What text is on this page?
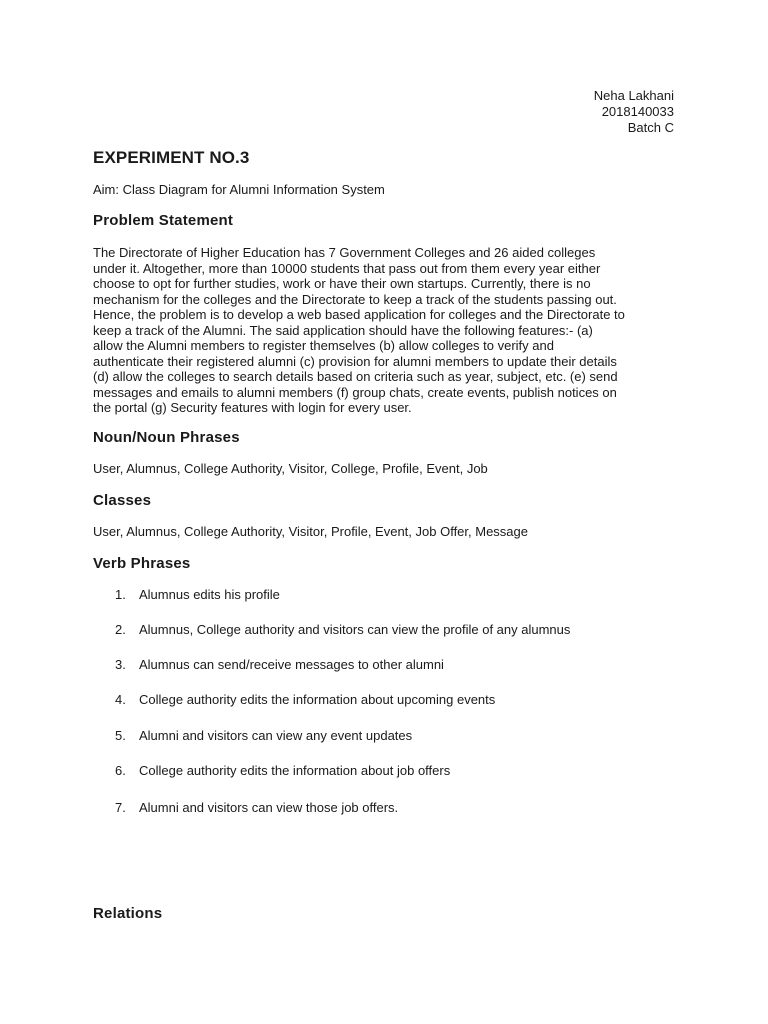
Neha Lakhani
2018140033
Batch C
EXPERIMENT NO.3
Aim: Class Diagram for Alumni Information System
Problem Statement
The Directorate of Higher Education has 7 Government Colleges and 26 aided colleges
under it. Altogether, more than 10000 students that pass out from them every year either
choose to opt for further studies, work or have their own startups. Currently, there is no
mechanism for the colleges and the Directorate to keep a track of the students passing out.
Hence, the problem is to develop a web based application for colleges and the Directorate to
keep a track of the Alumni. The said application should have the following features:- (a)
allow the Alumni members to register themselves (b) allow colleges to verify and
authenticate their registered alumni (c) provision for alumni members to update their details
(d) allow the colleges to search details based on criteria such as year, subject, etc. (e) send
messages and emails to alumni members (f) group chats, create events, publish notices on
the portal (g) Security features with login for every user.
Noun/Noun Phrases
User, Alumnus, College Authority, Visitor, College, Profile, Event, Job
Classes
User, Alumnus, College Authority, Visitor, Profile, Event, Job Offer, Message
Verb Phrases
1. Alumnus edits his profile
2. Alumnus, College authority and visitors can view the profile of any alumnus
3. Alumnus can send/receive messages to other alumni
4. College authority edits the information about upcoming events
5. Alumni and visitors can view any event updates
6. College authority edits the information about job offers
7. Alumni and visitors can view those job offers.
Relations
